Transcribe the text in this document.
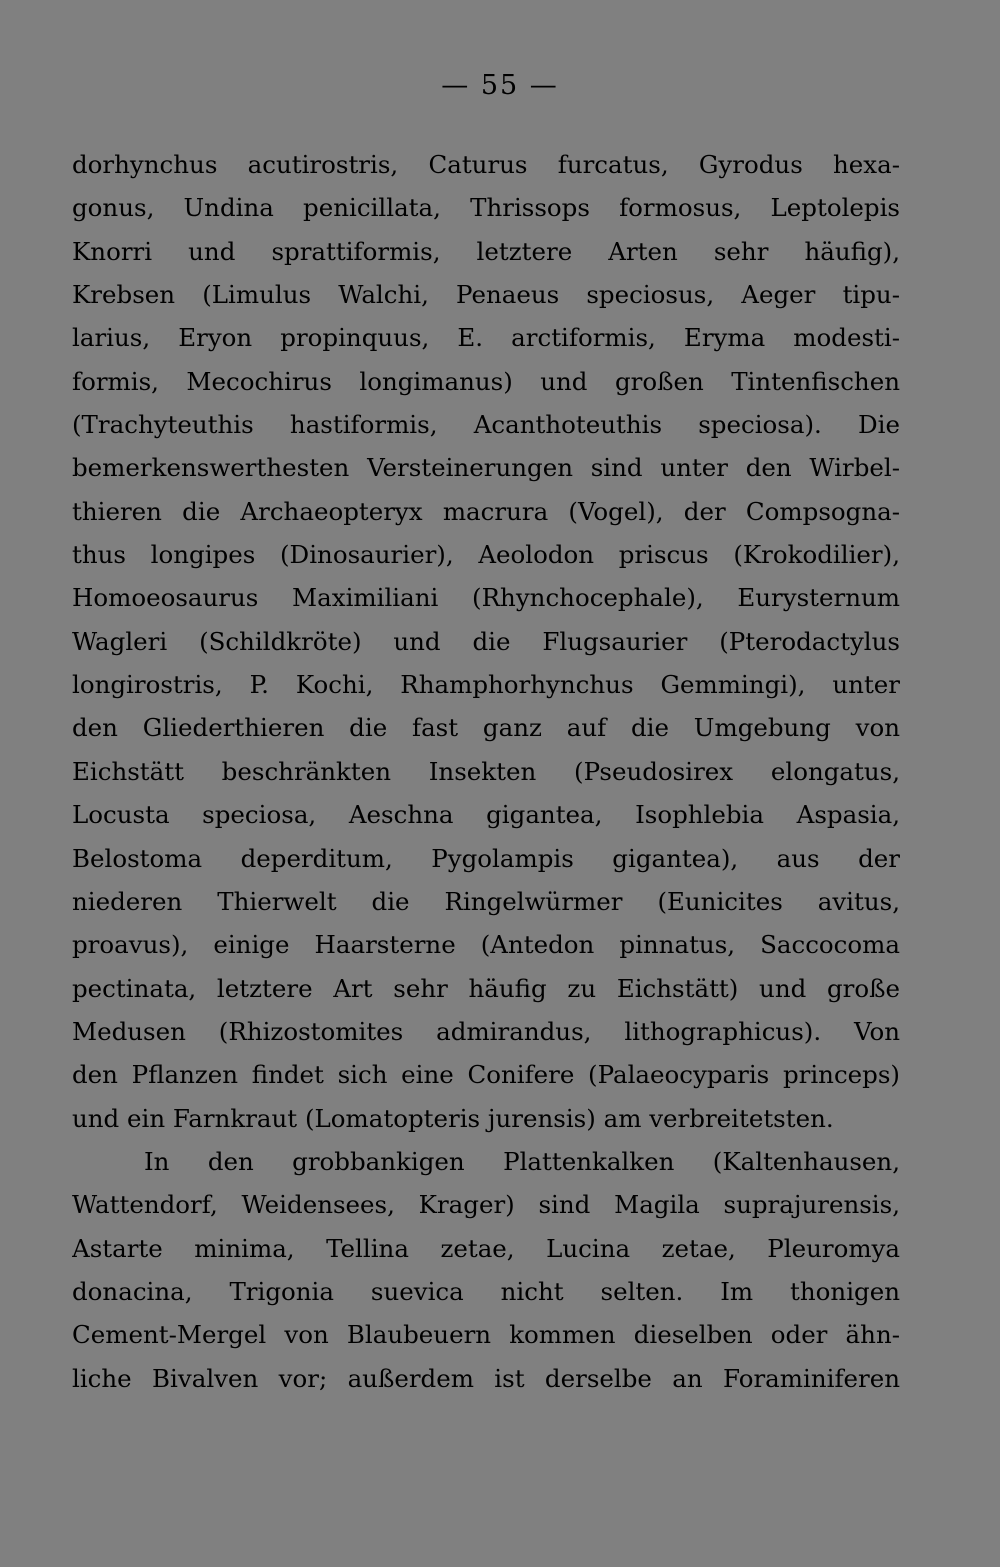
— 55 —
dorhynchus acutirostris, Caturus furcatus, Gyrodus hexa-
gonus, Undina penicillata, Thrissops formosus, Leptolepis
Knorri und sprattiformis, letztere Arten sehr häufig),
Krebsen (Limulus Walchi, Penaeus speciosus, Aeger tipu-
larius, Eryon propinquus, E. arctiformis, Eryma modesti-
formis, Mecochirus longimanus) und großen Tintenfischen
(Trachyteuthis hastiformis, Acanthoteuthis speciosa). Die
bemerkenswerthesten Versteinerungen sind unter den Wirbel-
thieren die Archaeopteryx macrura (Vogel), der Compsogna-
thus longipes (Dinosaurier), Aeolodon priscus (Krokodilier),
Homoeosaurus Maximiliani (Rhynchocephale), Eurysternum
Wagleri (Schildkröte) und die Flugsaurier (Pterodactylus
longirostris, P. Kochi, Rhamphorhynchus Gemmingi), unter
den Gliederthieren die fast ganz auf die Umgebung von
Eichstätt beschränkten Insekten (Pseudosirex elongatus,
Locusta speciosa, Aeschna gigantea, Isophlebia Aspasia,
Belostoma deperditum, Pygolampis gigantea), aus der
niederen Thierwelt die Ringelwürmer (Eunicites avitus,
proavus), einige Haarsterne (Antedon pinnatus, Saccocoma
pectinata, letztere Art sehr häufig zu Eichstätt) und große
Medusen (Rhizostomites admirandus, lithographicus). Von
den Pflanzen findet sich eine Conifere (Palaeocyparis princeps)
und ein Farnkraut (Lomatopteris jurensis) am verbreitetsten.
In den grobbankigen Plattenkalken (Kaltenhausen,
Wattendorf, Weidensees, Krager) sind Magila suprajurensis,
Astarte minima, Tellina zetae, Lucina zetae, Pleuromya
donacina, Trigonia suevica nicht selten. Im thonigen
Cement-Mergel von Blaubeuern kommen dieselben oder ähn-
liche Bivalven vor; außerdem ist derselbe an Foraminiferen
